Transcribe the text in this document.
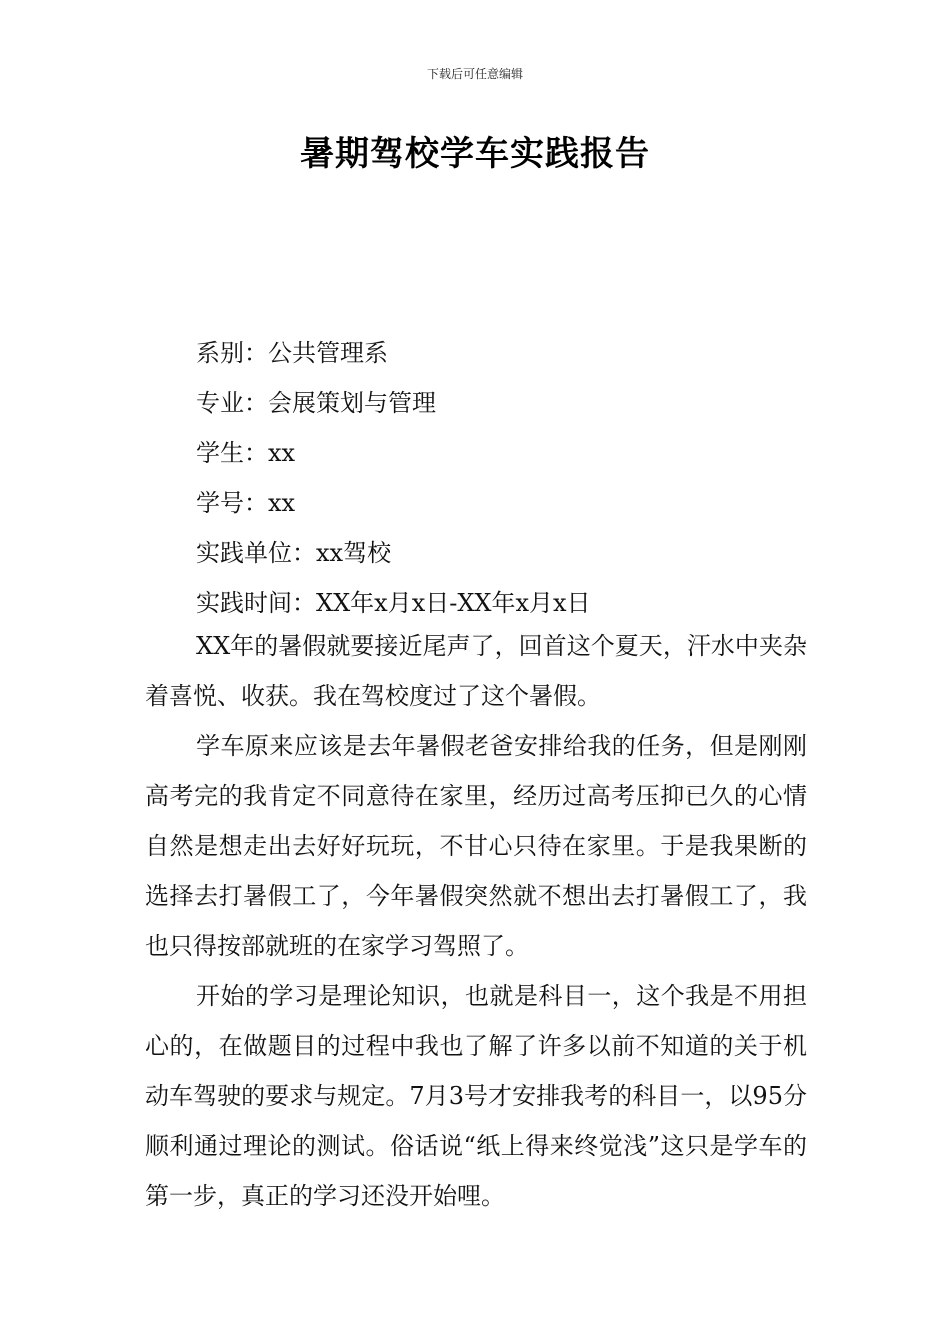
下载后可任意编辑
暑期驾校学车实践报告
系别：公共管理系
专业：会展策划与管理
学生：xx
学号：xx
实践单位：xx驾校
实践时间：XX年x月x日-XX年x月x日

XX年的暑假就要接近尾声了，回首这个夏天，汗水中夹杂着喜悦、收获。我在驾校度过了这个暑假。

学车原来应该是去年暑假老爸安排给我的任务，但是刚刚高考完的我肯定不同意待在家里，经历过高考压抑已久的心情自然是想走出去好好玩玩，不甘心只待在家里。于是我果断的选择去打暑假工了，今年暑假突然就不想出去打暑假工了，我也只得按部就班的在家学习驾照了。

开始的学习是理论知识，也就是科目一，这个我是不用担心的，在做题目的过程中我也了解了许多以前不知道的关于机动车驾驶的要求与规定。7月3号才安排我考的科目一，以95分顺利通过理论的测试。俗话说“纸上得来终觉浅”这只是学车的第一步，真正的学习还没开始哩。
